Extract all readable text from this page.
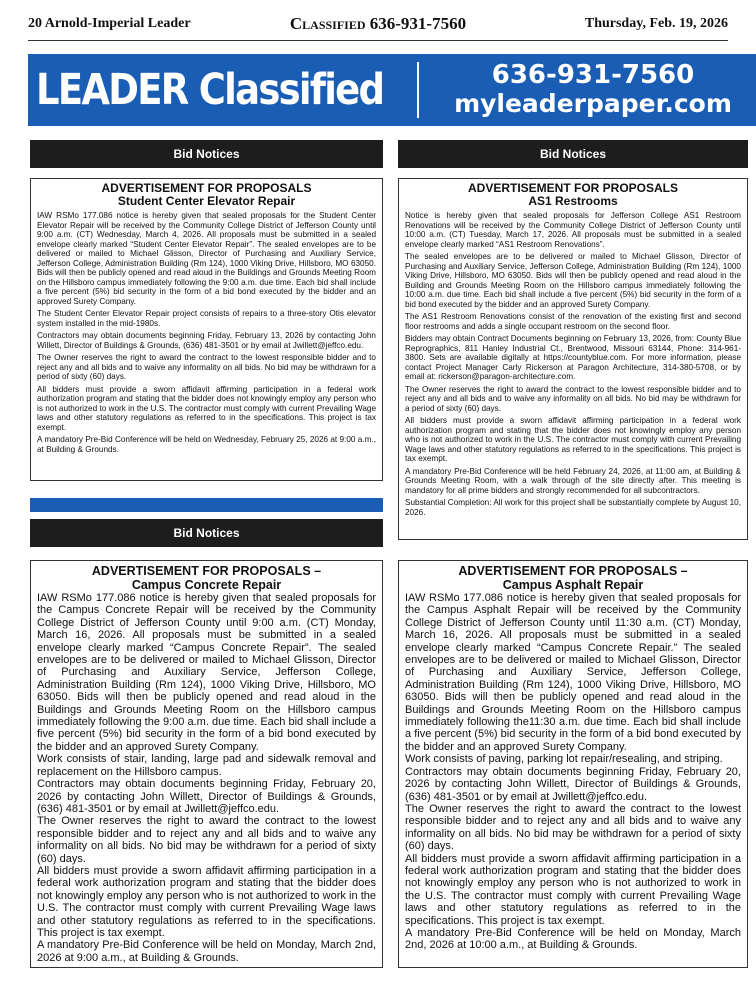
20 Arnold-Imperial Leader	Classified 636-931-7560	Thursday, Feb. 19, 2026
LEADER Classified	636-931-7560
myleaderpaper.com
Bid Notices	Bid Notices
Bid Notices
ADVERTISEMENT FOR PROPOSALS
Student Center Elevator Repair

IAW RSMo 177.086 notice is hereby given that sealed proposals for the Student Center Elevator Repair will be received by the Community College District of Jefferson County until 9:00 a.m. (CT) Wednesday, March 4, 2026. All proposals must be submitted in a sealed envelope clearly marked “Student Center Elevator Repair”. The sealed envelopes are to be delivered or mailed to Michael Glisson, Director of Purchasing and Auxiliary Service, Jefferson College, Administration Building (Rm 124), 1000 Viking Drive, Hillsboro, MO 63050. Bids will then be publicly opened and read aloud in the Buildings and Grounds Meeting Room on the Hillsboro campus immediately following the 9:00 a.m. due time. Each bid shall include a five percent (5%) bid security in the form of a bid bond executed by the bidder and an approved Surety Company.

The Student Center Elevator Repair project consists of repairs to a three-story Otis elevator system installed in the mid-1980s.

Contractors may obtain documents beginning Friday, February 13, 2026 by contacting John Willett, Director of Buildings & Grounds, (636) 481-3501 or by email at Jwillett@jeffco.edu.

The Owner reserves the right to award the contract to the lowest responsible bidder and to reject any and all bids and to waive any informality on all bids. No bid may be withdrawn for a period of sixty (60) days.

All bidders must provide a sworn affidavit affirming participation in a federal work authorization program and stating that the bidder does not knowingly employ any person who is not authorized to work in the U.S. The contractor must comply with current Prevailing Wage laws and other statutory regulations as referred to in the specifications. This project is tax exempt.

A mandatory Pre-Bid Conference will be held on Wednesday, February 25, 2026 at 9:00 a.m., at Building & Grounds.

ADVERTISEMENT FOR PROPOSALS
AS1 Restrooms

Notice is hereby given that sealed proposals for Jefferson College AS1 Restroom Renovations will be received by the Community College District of Jefferson County until 10:00 a.m. (CT) Tuesday, March 17, 2026. All proposals must be submitted in a sealed envelope clearly marked “AS1 Restroom Renovations”.

The sealed envelopes are to be delivered or mailed to Michael Glisson, Director of Purchasing and Auxiliary Service, Jefferson College, Administration Building (Rm 124), 1000 Viking Drive, Hillsboro, MO 63050. Bids will then be publicly opened and read aloud in the Building and Grounds Meeting Room on the Hillsboro campus immediately following the 10:00 a.m. due time. Each bid shall include a five percent (5%) bid security in the form of a bid bond executed by the bidder and an approved Surety Company.

The AS1 Restroom Renovations consist of the renovation of the existing first and second floor restrooms and adds a single occupant restroom on the second floor.

Bidders may obtain Contract Documents beginning on February 13, 2026, from: County Blue Reprographics, 811 Hanley Industrial Ct., Brentwood, Missouri 63144, Phone: 314-961-3800. Sets are available digitally at https://countyblue.com. For more information, please contact Project Manager Carly Rickerson at Paragon Architecture, 314-380-5708, or by email at: rickerson@paragon-architecture.com.

The Owner reserves the right to award the contract to the lowest responsible bidder and to reject any and all bids and to waive any informality on all bids. No bid may be withdrawn for a period of sixty (60) days.

All bidders must provide a sworn affidavit affirming participation in a federal work authorization program and stating that the bidder does not knowingly employ any person who is not authorized to work in the U.S. The contractor must comply with current Prevailing Wage laws and other statutory regulations as referred to in the specifications. This project is tax exempt.

A mandatory Pre-Bid Conference will be held February 24, 2026, at 11:00 am, at Building & Grounds Meeting Room, with a walk through of the site directly after. This meeting is mandatory for all prime bidders and strongly recommended for all subcontractors.

Substantial Completion: All work for this project shall be substantially complete by August 10, 2026.

ADVERTISEMENT FOR PROPOSALS –
Campus Concrete Repair

IAW RSMo 177.086 notice is hereby given that sealed proposals for the Campus Concrete Repair will be received by the Community College District of Jefferson County until 9:00 a.m. (CT) Monday, March 16, 2026. All proposals must be submitted in a sealed envelope clearly marked “Campus Concrete Repair”. The sealed envelopes are to be delivered or mailed to Michael Glisson, Director of Purchasing and Auxiliary Service, Jefferson College, Administration Building (Rm 124), 1000 Viking Drive, Hillsboro, MO 63050. Bids will then be publicly opened and read aloud in the Buildings and Grounds Meeting Room on the Hillsboro campus immediately following the 9:00 a.m. due time. Each bid shall include a five percent (5%) bid security in the form of a bid bond executed by the bidder and an approved Surety Company.

Work consists of stair, landing, large pad and sidewalk removal and replacement on the Hillsboro campus.

Contractors may obtain documents beginning Friday, February 20, 2026 by contacting John Willett, Director of Buildings & Grounds, (636) 481-3501 or by email at Jwillett@jeffco.edu.

The Owner reserves the right to award the contract to the lowest responsible bidder and to reject any and all bids and to waive any informality on all bids. No bid may be withdrawn for a period of sixty (60) days.

All bidders must provide a sworn affidavit affirming participation in a federal work authorization program and stating that the bidder does not knowingly employ any person who is not authorized to work in the U.S. The contractor must comply with current Prevailing Wage laws and other statutory regulations as referred to in the specifications. This project is tax exempt.

A mandatory Pre-Bid Conference will be held on Monday, March 2nd, 2026 at 9:00 a.m., at Building & Grounds.

ADVERTISEMENT FOR PROPOSALS –
Campus Asphalt Repair

IAW RSMo 177.086 notice is hereby given that sealed proposals for the Campus Asphalt Repair will be received by the Community College District of Jefferson County until 11:30 a.m. (CT) Monday, March 16, 2026. All proposals must be submitted in a sealed envelope clearly marked “Campus Concrete Repair.” The sealed envelopes are to be delivered or mailed to Michael Glisson, Director of Purchasing and Auxiliary Service, Jefferson College, Administration Building (Rm 124), 1000 Viking Drive, Hillsboro, MO 63050. Bids will then be publicly opened and read aloud in the Buildings and Grounds Meeting Room on the Hillsboro campus immediately following the11:30 a.m. due time. Each bid shall include a five percent (5%) bid security in the form of a bid bond executed by the bidder and an approved Surety Company.

Work consists of paving, parking lot repair/resealing, and striping.

Contractors may obtain documents beginning Friday, February 20, 2026 by contacting John Willett, Director of Buildings & Grounds, (636) 481-3501 or by email at Jwillett@jeffco.edu.

The Owner reserves the right to award the contract to the lowest responsible bidder and to reject any and all bids and to waive any informality on all bids. No bid may be withdrawn for a period of sixty (60) days.

All bidders must provide a sworn affidavit affirming participation in a federal work authorization program and stating that the bidder does not knowingly employ any person who is not authorized to work in the U.S. The contractor must comply with current Prevailing Wage laws and other statutory regulations as referred to in the specifications. This project is tax exempt.

A mandatory Pre-Bid Conference will be held on Monday, March 2nd, 2026 at 10:00 a.m., at Building & Grounds.
